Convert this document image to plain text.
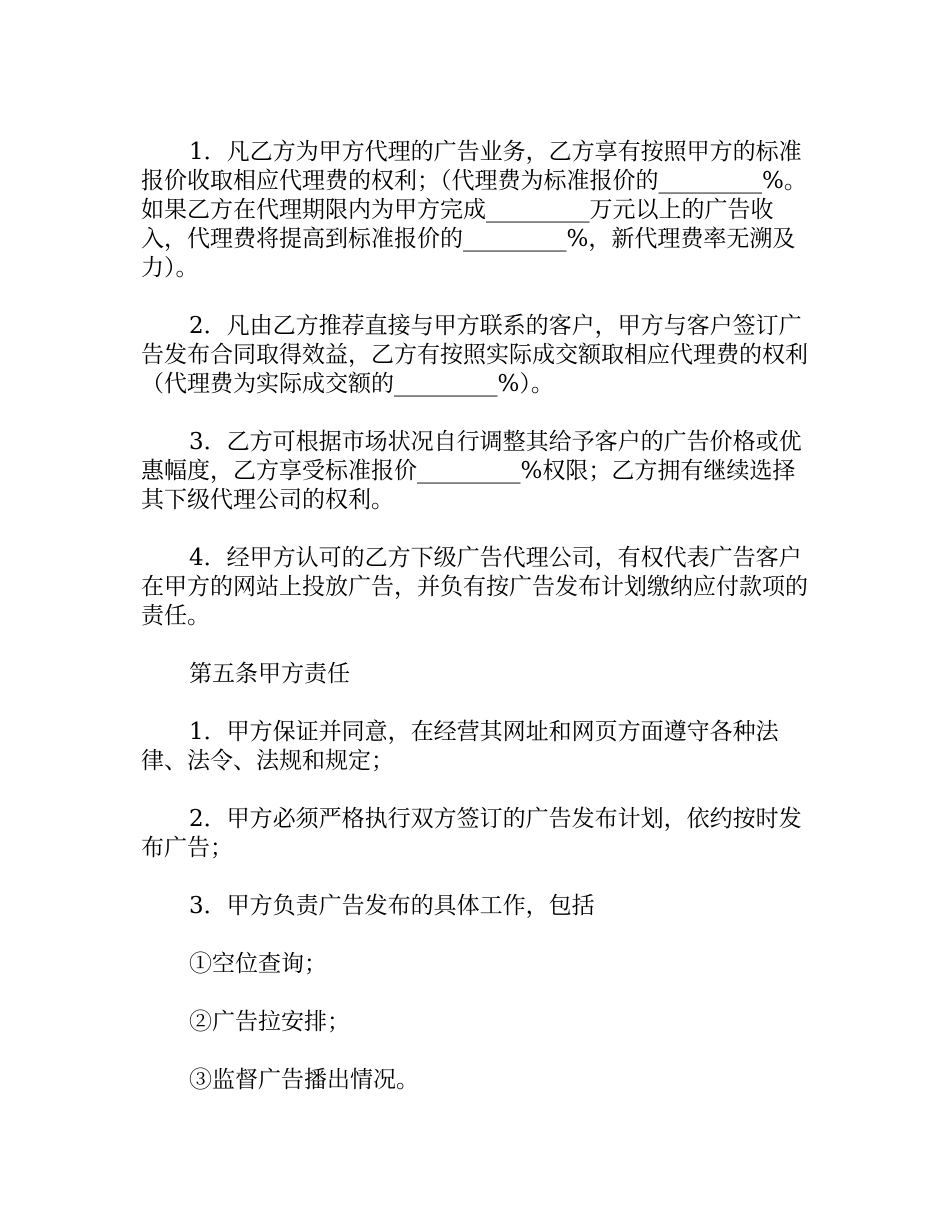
1．凡乙方为甲方代理的广告业务，乙方享有按照甲方的标准报价收取相应代理费的权利；（代理费为标准报价的_________%。如果乙方在代理期限内为甲方完成_________万元以上的广告收入，代理费将提高到标准报价的_________%，新代理费率无溯及力）。

2．凡由乙方推荐直接与甲方联系的客户，甲方与客户签订广告发布合同取得效益，乙方有按照实际成交额取相应代理费的权利（代理费为实际成交额的_________%）。

3．乙方可根据市场状况自行调整其给予客户的广告价格或优惠幅度，乙方享受标准报价_________%权限；乙方拥有继续选择其下级代理公司的权利。

4．经甲方认可的乙方下级广告代理公司，有权代表广告客户在甲方的网站上投放广告，并负有按广告发布计划缴纳应付款项的责任。

第五条甲方责任

1．甲方保证并同意，在经营其网址和网页方面遵守各种法律、法令、法规和规定；

2．甲方必须严格执行双方签订的广告发布计划，依约按时发布广告；

3．甲方负责广告发布的具体工作，包括

①空位查询；

②广告拉安排；

③监督广告播出情况。
